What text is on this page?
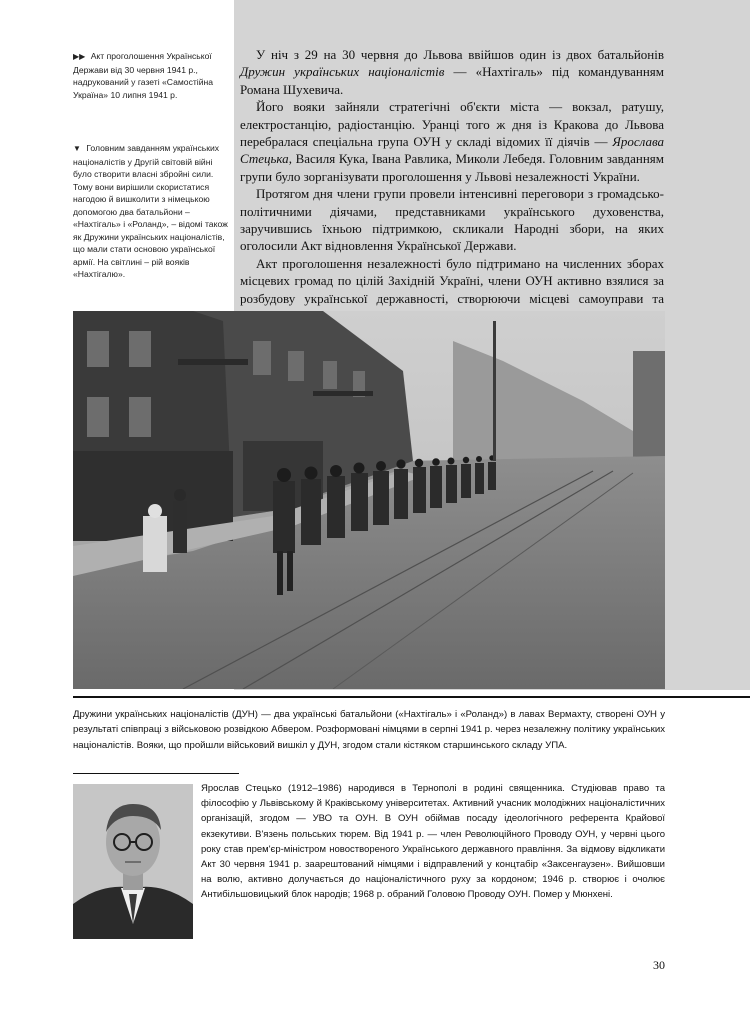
▶▶ Акт проголошення Української Держави від 30 червня 1941 р., надрукований у газеті «Самостійна Україна» 10 липня 1941 р.
▼ Головним завданням українських націоналістів у Другій світовій війні було створити власні збройні сили. Тому вони вирішили скористатися нагодою й вишколити з німецькою допомогою два батальйони – «Нахтігаль» і «Роланд», – відомі також як Дружини українських націоналістів, що мали стати основою української армії. На світлині – рій вояків «Нахтігалю».

У ніч з 29 на 30 червня до Львова ввійшов один із двох батальйонів Дружин українських націоналістів — «Нахтігаль» під командуванням Романа Шухевича.

Його вояки зайняли стратегічні об'єкти міста — вокзал, ратушу, електростанцію, радіостанцію. Уранці того ж дня із Кракова до Львова перебралася спеціальна група ОУН у складі відомих її діячів — Ярослава Стецька, Василя Кука, Івана Равлика, Миколи Лебедя. Головним завданням групи було зорганізувати проголошення у Львові незалежності України.

Протягом дня члени групи провели інтенсивні переговори з громадсько-політичними діячами, представниками українського духовенства, заручившись їхньою підтримкою, скликали Народні збори, на яких оголосили Акт відновлення Української Держави.

Акт проголошення незалежності було підтримано на численних зборах місцевих громад по цілій Західній Україні, члени ОУН активно взялися за розбудову української державності, створюючи місцеві самоуправи та

Дружини українських націоналістів (ДУН) — два українські батальйони («Нахтігаль» і «Роланд») в лавах Вермахту, створені ОУН у результаті співпраці з військовою розвідкою Абвером. Розформовані німцями в серпні 1941 р. через незалежну політику українських націоналістів. Вояки, що пройшли військовий вишкіл у ДУН, згодом стали кістяком старшинського складу УПА.
Ярослав Стецько (1912–1986) народився в Тернополі в родині священника. Студіював право та філософію у Львівському й Краківському університетах. Активний учасник молодіжних націоналістичних організацій, згодом — УВО та ОУН. В ОУН обіймав посаду ідеологічного референта Крайової екзекутиви. В'язень польських тюрем. Від 1941 р. — член Революційного Проводу ОУН, у червні цього року став прем'єр-міністром новоствореного Українського державного правління. За відмову відкликати Акт 30 червня 1941 р. заарештований німцями і відправлений у концтабір «Заксенгаузен». Вийшовши на волю, активно долучається до націоналістичного руху за кордоном; 1946 р. створює і очолює Антибільшовицький блок народів; 1968 р. обраний Головою Проводу ОУН. Помер у Мюнхені.
30
